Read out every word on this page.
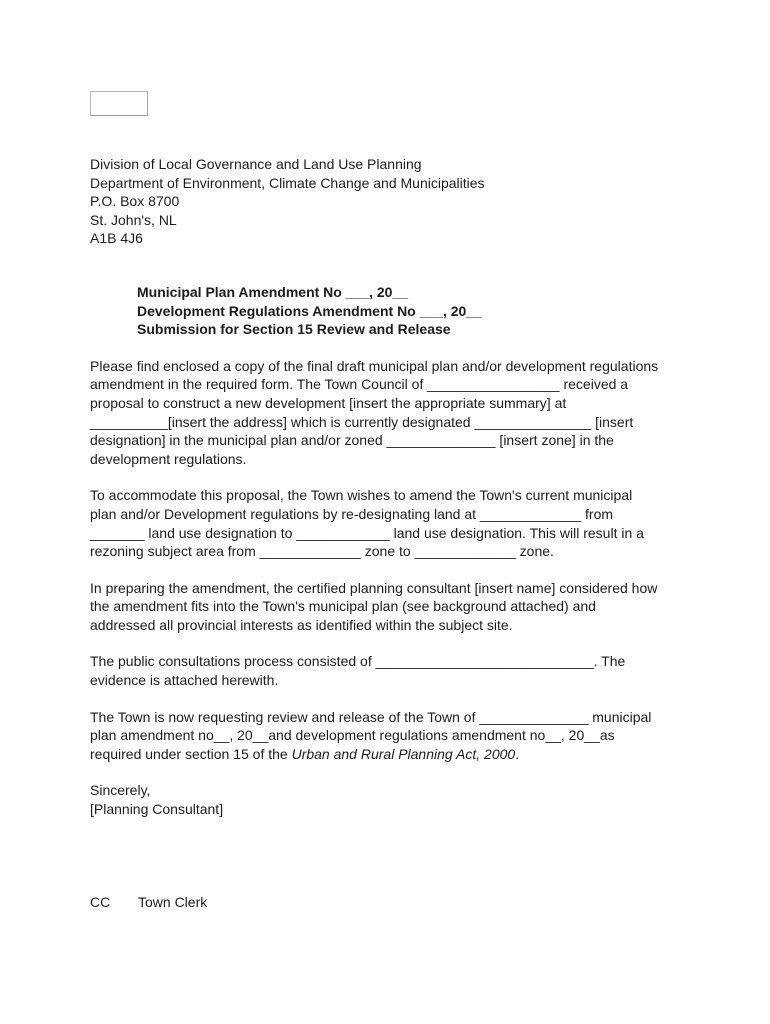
Division of Local Governance and Land Use Planning
Department of Environment, Climate Change and Municipalities
P.O. Box 8700
St. John's, NL
A1B 4J6
Municipal Plan Amendment No ___, 20__
Development Regulations Amendment No ___, 20__
Submission for Section 15 Review and Release
Please find enclosed a copy of the final draft municipal plan and/or development regulations
amendment in the required form. The Town Council of _________________ received a
proposal to construct a new development [insert the appropriate summary] at
__________[insert the address] which is currently designated _______________ [insert
designation] in the municipal plan and/or zoned ______________ [insert zone] in the
development regulations.
To accommodate this proposal, the Town wishes to amend the Town's current municipal
plan and/or Development regulations by re-designating land at _____________ from
_______ land use designation to ____________ land use designation. This will result in a
rezoning subject area from _____________ zone to _____________ zone.
In preparing the amendment, the certified planning consultant [insert name] considered how
the amendment fits into the Town's municipal plan (see background attached) and
addressed all provincial interests as identified within the subject site.
The public consultations process consisted of ____________________________. The
evidence is attached herewith.
The Town is now requesting review and release of the Town of ______________ municipal
plan amendment no__, 20__and development regulations amendment no__, 20__as
required under section 15 of the Urban and Rural Planning Act, 2000.
Sincerely,
[Planning Consultant]
CC Town Clerk
